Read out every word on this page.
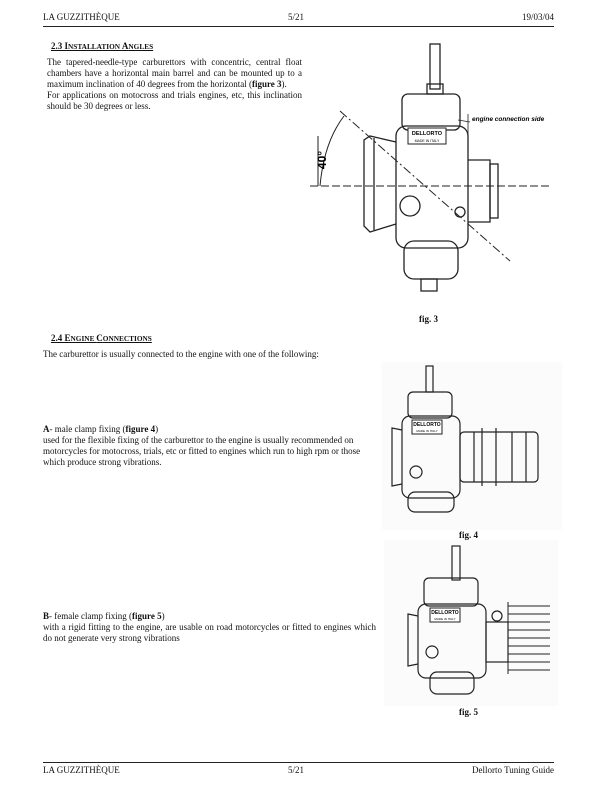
LA GUZZITHÈQUE	5/21	19/03/04
2.3 INSTALLATION ANGLES
The tapered-needle-type carburettors with concentric, central float chambers have a horizontal main barrel and can be mounted up to a maximum inclination of 40 degrees from the horizontal (figure 3).
For applications on motocross and trials engines, etc, this inclination should be 30 degrees or less.
DELLORTO
MADE IN ITALY
engine connection side
40°
fig. 3
2.4 ENGINE CONNECTIONS
The carburettor is usually connected to the engine with one of the following:
A- male clamp fixing (figure 4)
used for the flexible fixing of the carburettor to the engine is usually recommended on motorcycles for motocross, trials, etc or fitted to engines which run to high rpm or those which produce strong vibrations.
DELLORTO
MADE IN ITALY
fig. 4
B- female clamp fixing (figure 5)
with a rigid fitting to the engine, are usable on road motorcycles or fitted to engines which do not generate very strong vibrations
DELLORTO
MADE IN ITALY
fig. 5
LA GUZZITHÈQUE	5/21	Dellorto Tuning Guide
